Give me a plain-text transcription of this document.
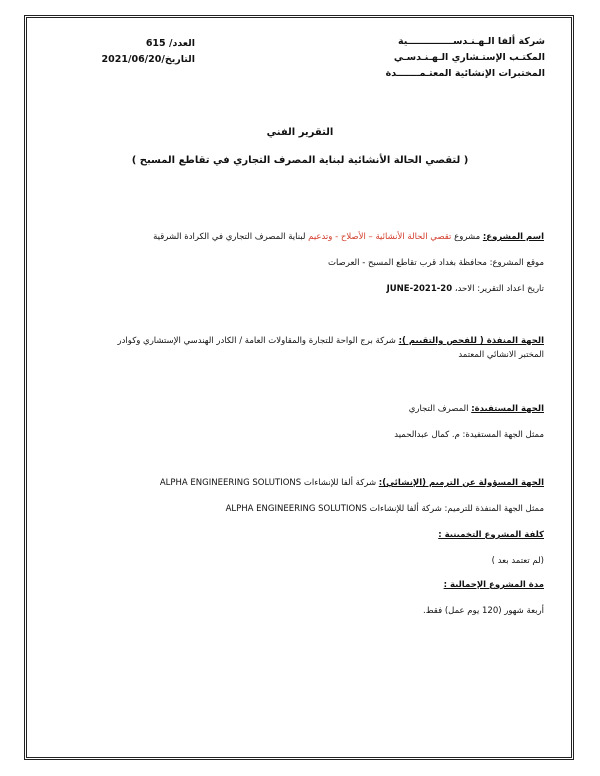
شركة ألفا الـهـنـدســــــــــــــية
المكتـب الإستـشاري الـهـنـدسـي
المختبرات الإنشائية المعتـمـــــــدة
العدد/ 615
التاريخ/2021/06/20
التقرير الفني
( لتقصي الحالة الأنشائية لبناية المصرف التجاري في تقاطع المسبح )
اسم المشروع: مشروع تقصي الحالة الأنشائية – الأصلاح - وتدعيم لبناية المصرف التجاري في الكرادة الشرقية
موقع المشروع: محافظة بغداد قرب تقاطع المسبح - العرصات
تاريخ اعداد التقرير: الاحد، 20-JUNE-2021
الجهة المنفذة ( للفحص والتقييم ): شركة برج الواحة للتجارة والمقاولات العامة / الكادر الهندسي الإستشاري وكوادر المختبر الانشائي المعتمد
الجهة المستفيدة: المصرف التجاري
ممثل الجهة المستفيدة: م. كمال عبدالحميد
الجهة المسؤولة عن الترميم (الإنشائي): شركة ألفا للإنشاءات ALPHA ENGINEERING SOLUTIONS
ممثل الجهة المنفذة للترميم: شركة ألفا للإنشاءات ALPHA ENGINEERING SOLUTIONS
كلفة المشروع التخمينية :
(لم تعتمد بعد )
مدة المشروع الإجمالية :
أربعة شهور (120 يوم عمل) فقط.
